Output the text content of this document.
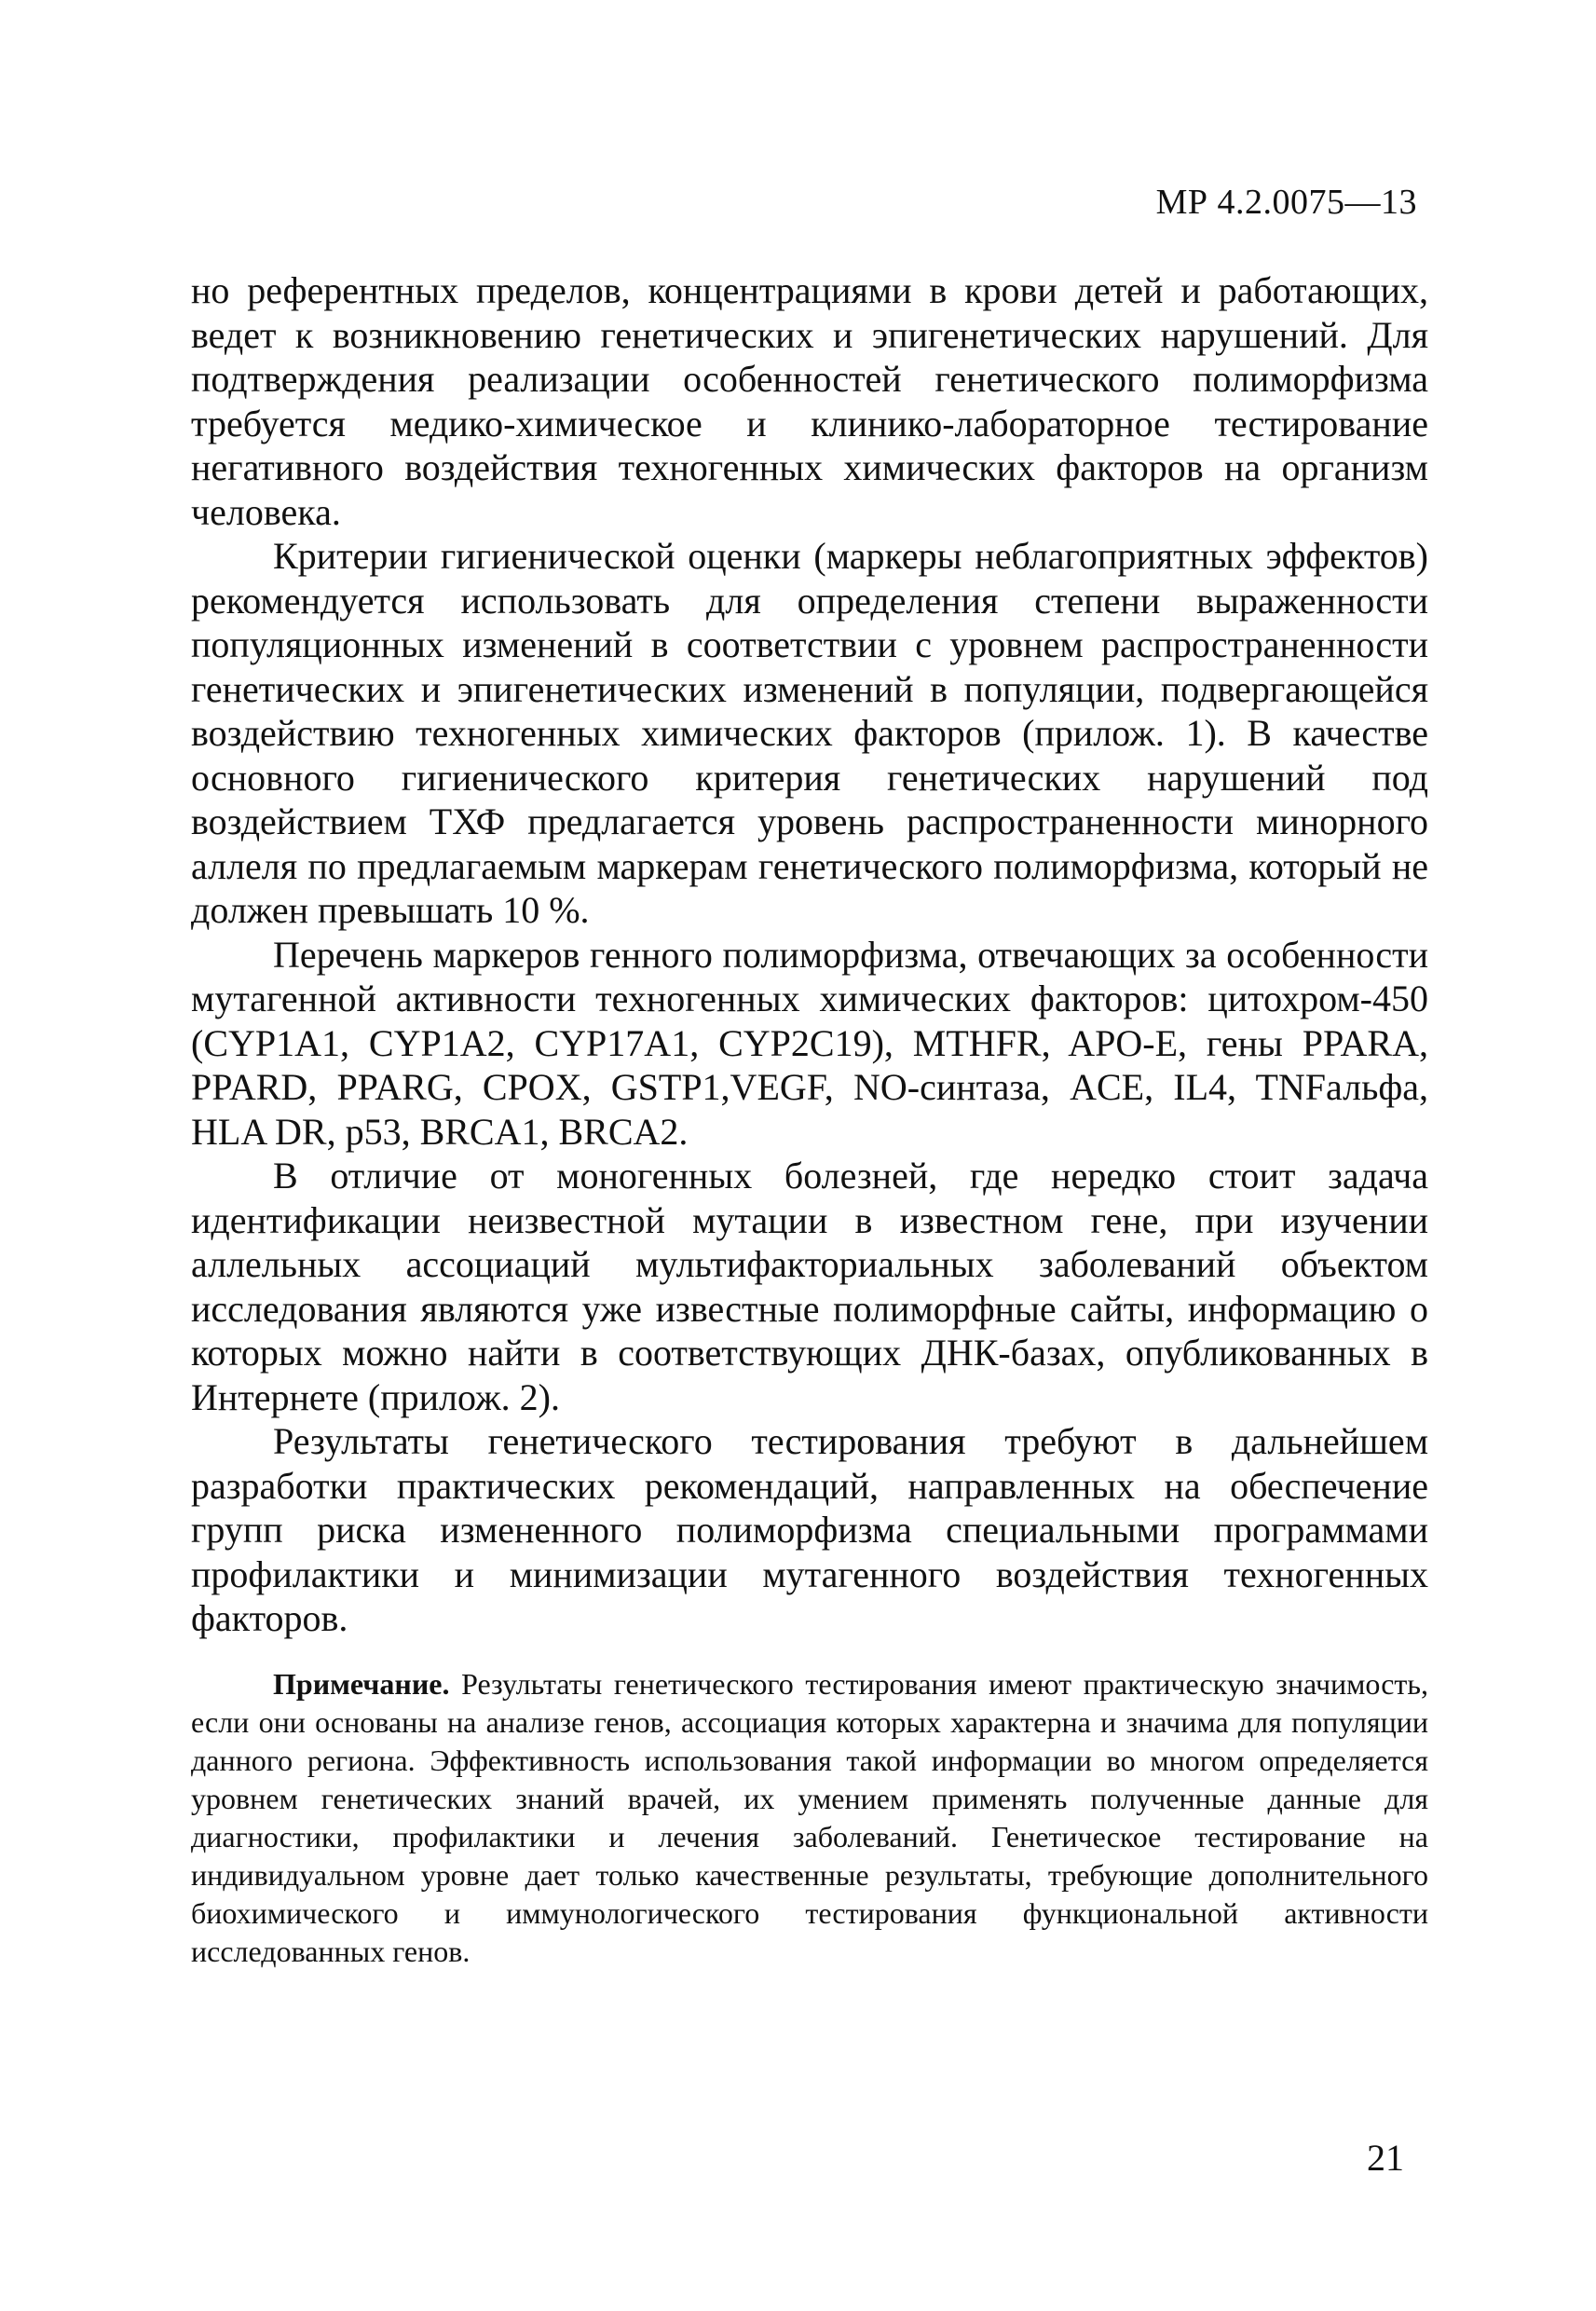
МР 4.2.0075—13

но референтных пределов, концентрациями в крови детей и работающих, ведет к возникновению генетических и эпигенетических нарушений. Для подтверждения реализации особенностей генетического полиморфизма требуется медико-химическое и клинико-лабораторное тестирование негативного воздействия техногенных химических факторов на организм человека.

Критерии гигиенической оценки (маркеры неблагоприятных эффектов) рекомендуется использовать для определения степени выраженности популяционных изменений в соответствии с уровнем распространенности генетических и эпигенетических изменений в популяции, подвергающейся воздействию техногенных химических факторов (прилож. 1). В качестве основного гигиенического критерия генетических нарушений под воздействием ТХФ предлагается уровень распространенности минорного аллеля по предлагаемым маркерам генетического полиморфизма, который не должен превышать 10 %.

Перечень маркеров генного полиморфизма, отвечающих за особенности мутагенной активности техногенных химических факторов: цитохром-450 (CYP1A1, CYP1A2, CYP17A1, CYP2C19), MTHFR, APO-E, гены PPARA, PPARD, PPARG, CPOX, GSTP1,VEGF, NO-синтаза, ACE, IL4, TNFальфа, HLA DR, p53, BRCA1, BRCA2.

В отличие от моногенных болезней, где нередко стоит задача идентификации неизвестной мутации в известном гене, при изучении аллельных ассоциаций мультифакториальных заболеваний объектом исследования являются уже известные полиморфные сайты, информацию о которых можно найти в соответствующих ДНК-базах, опубликованных в Интернете (прилож. 2).

Результаты генетического тестирования требуют в дальнейшем разработки практических рекомендаций, направленных на обеспечение групп риска измененного полиморфизма специальными программами профилактики и минимизации мутагенного воздействия техногенных факторов.

Примечание. Результаты генетического тестирования имеют практическую значимость, если они основаны на анализе генов, ассоциация которых характерна и значима для популяции данного региона. Эффективность использования такой информации во многом определяется уровнем генетических знаний врачей, их умением применять полученные данные для диагностики, профилактики и лечения заболеваний. Генетическое тестирование на индивидуальном уровне дает только качественные результаты, требующие дополнительного биохимического и иммунологического тестирования функциональной активности исследованных генов.

21
